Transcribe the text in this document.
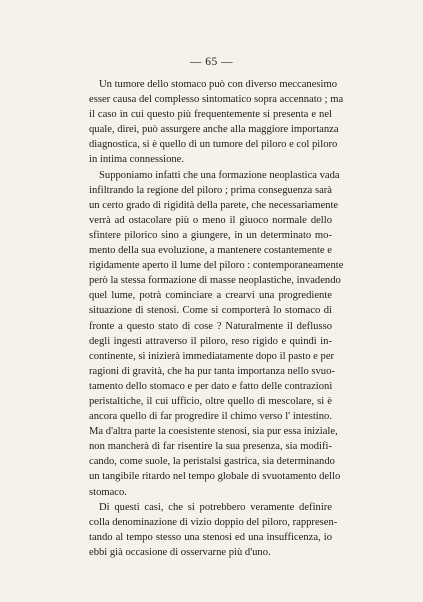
— 65 —
Un tumore dello stomaco può con diverso meccanesimo
esser causa del complesso sintomatico sopra accennato ; ma
il caso in cui questo più frequentemente si presenta e nel
quale, direi, può assurgere anche alla maggiore importanza
diagnostica, si è quello di un tumore del piloro e col piloro
in intima connessione.
Supponiamo infatti che una formazione neoplastica vada
infiltrando la regione del piloro ; prima conseguenza sarà
un certo grado di rigidità della parete, che necessariamente
verrà ad ostacolare più o meno il giuoco normale dello
sfintere pilorico sino a giungere, in un determinato mo-
mento della sua evoluzione, a mantenere costantemente e
rigidamente aperto il lume del piloro : contemporaneamente
però la stessa formazione di masse neoplastiche, invadendo
quel lume, potrà cominciare a crearvi una progrediente
situazione di stenosi. Come si comporterà lo stomaco di
fronte a questo stato di cose ? Naturalmente il deflusso
degli ingesti attraverso il piloro, reso rigido e quindi in-
continente, si inizierà immediatamente dopo il pasto e per
ragioni di gravità, che ha pur tanta importanza nello svuo-
tamento dello stomaco e per dato e fatto delle contrazioni
peristaltiche, il cui ufficio, oltre quello di mescolare, si è
ancora quello di far progredire il chimo verso l' intestino.
Ma d'altra parte la coesistente stenosi, sia pur essa iniziale,
non mancherà di far risentire la sua presenza, sia modifi-
cando, come suole, la peristalsi gastrica, sia determinando
un tangibile ritardo nel tempo globale di svuotamento dello
stomaco.
Di questi casi, che si potrebbero veramente definire
colla denominazione di vizio doppio del piloro, rappresen-
tando al tempo stesso una stenosi ed una insufficenza, io
ebbi già occasione di osservarne più d'uno.
